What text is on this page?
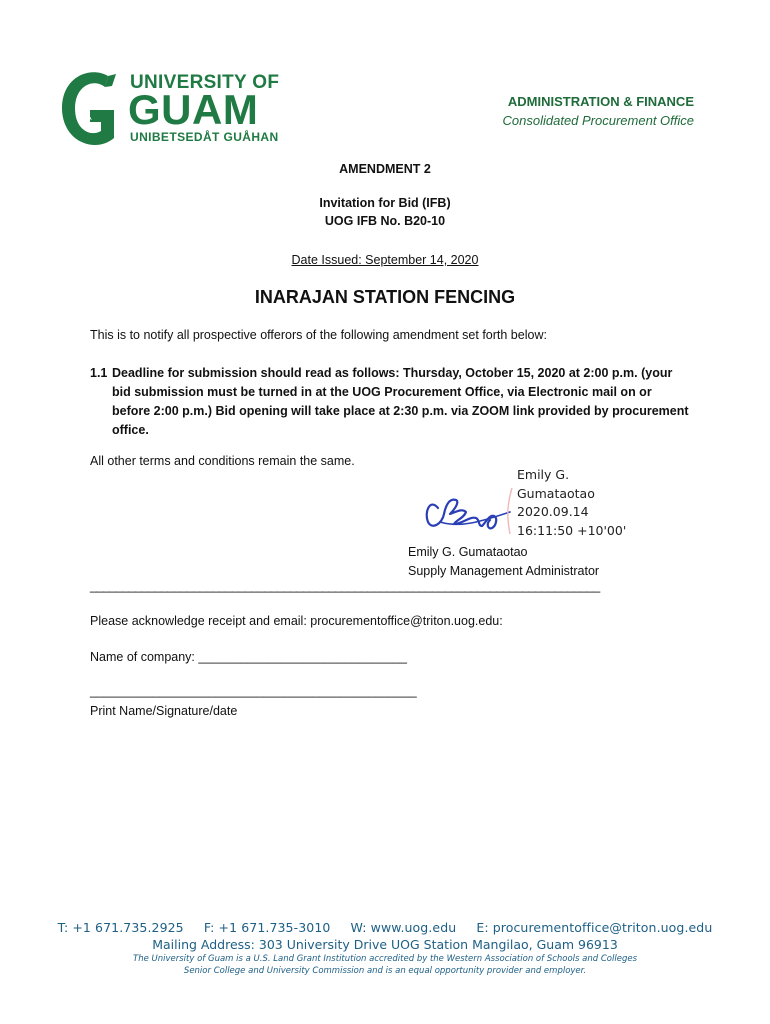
UNIVERSITY OF
GUAM
UNIBETSEDÅT GUÅHAN
ADMINISTRATION & FINANCE
Consolidated Procurement Office
AMENDMENT 2
Invitation for Bid (IFB)
UOG IFB No. B20-10
Date Issued: September 14, 2020
INARAJAN STATION FENCING
This is to notify all prospective offerors of the following amendment set forth below:
1.1 Deadline for submission should read as follows: Thursday, October 15, 2020 at 2:00 p.m. (your bid submission must be turned in at the UOG Procurement Office, via Electronic mail on or before 2:00 p.m.) Bid opening will take place at 2:30 p.m. via ZOOM link provided by procurement office.
All other terms and conditions remain the same.
Emily G.
Gumataotao
2020.09.14
16:11:50 +10'00'
Emily G. Gumataotao
Supply Management Administrator
_______________________________________________________________________________
Please acknowledge receipt and email: procurementoffice@triton.uog.edu:
Name of company: ______________________________
_______________________________________________
Print Name/Signature/date
T: +1 671.735.2925 F: +1 671.735-3010 W: www.uog.edu E: procurementoffice@triton.uog.edu
Mailing Address: 303 University Drive UOG Station Mangilao, Guam 96913
The University of Guam is a U.S. Land Grant Institution accredited by the Western Association of Schools and Colleges
Senior College and University Commission and is an equal opportunity provider and employer.
